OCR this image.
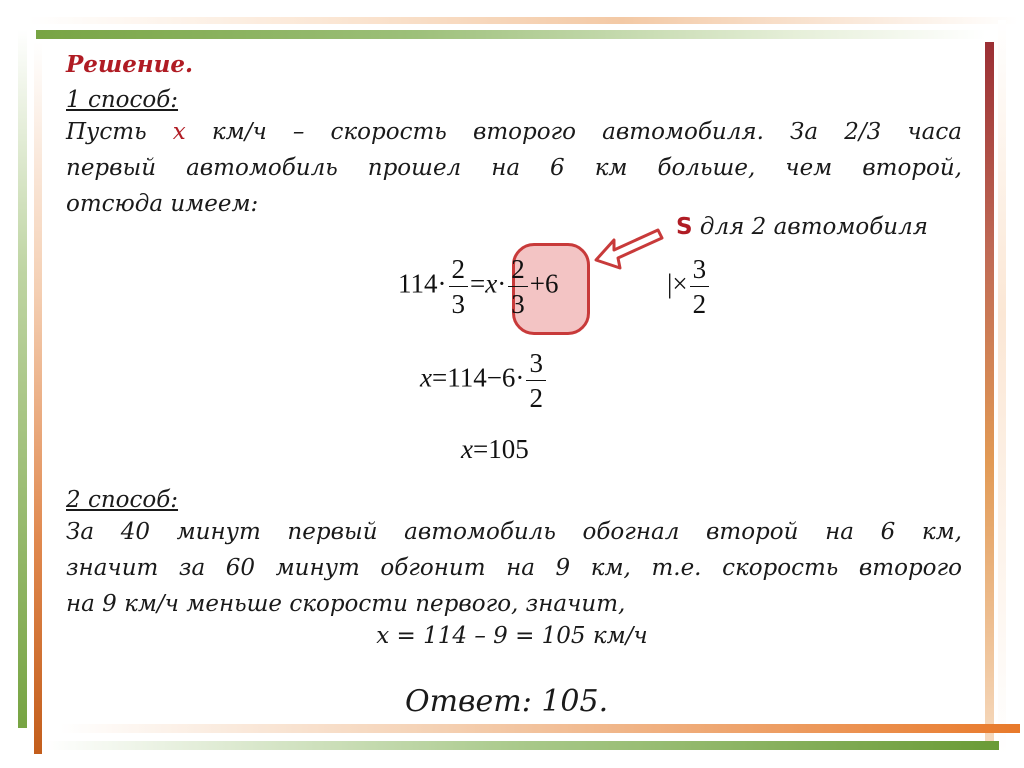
Решение.
1 способ:
Пусть х км/ч – скорость второго автомобиля. За 2/3 часа
первый автомобиль прошел на 6 км больше, чем второй,
отсюда имеем:
S для 2 автомобиля
$114\cdot \frac{2}{3} =x\cdot \frac{2}{3} +6$	|× $\frac{3}{2}$
$x=114-6\cdot \frac{3}{2}$
x=105
2 способ:
За 40 минут первый автомобиль обогнал второй на 6 км,
значит за 60 минут обгонит на 9 км, т.е. скорость второго
на 9 км/ч меньше скорости первого, значит,
х = 114 – 9 = 105 км/ч
Ответ: 105.
